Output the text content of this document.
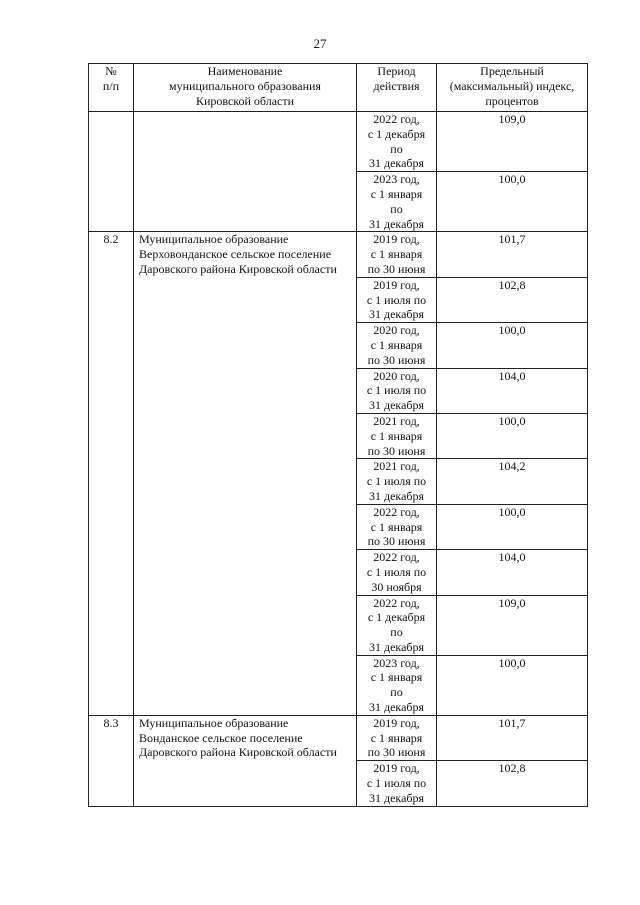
27
№
п/п	Наименование
муниципального образования
Кировской области	Период
действия	Предельный
(максимальный) индекс,
процентов

		2022 год,
с 1 декабря
по
31 декабря	109,0

		2023 год,
с 1 января
по
31 декабря	100,0
8.2	Муниципальное образование
Верховонданское сельское поселение
Даровского района Кировской области	2019 год,
с 1 января
по 30 июня	101,7

		2019 год,
с 1 июля по
31 декабря	102,8

		2020 год,
с 1 января
по 30 июня	100,0

		2020 год,
с 1 июля по
31 декабря	104,0

		2021 год,
с 1 января
по 30 июня	100,0

		2021 год,
с 1 июля по
31 декабря	104,2

		2022 год,
с 1 января
по 30 июня	100,0

		2022 год,
с 1 июля по
30 ноября	104,0

		2022 год,
с 1 декабря
по
31 декабря	109,0

		2023 год,
с 1 января
по
31 декабря	100,0
8.3	Муниципальное образование
Вонданское сельское поселение
Даровского района Кировской области	2019 год,
с 1 января
по 30 июня	101,7

		2019 год,
с 1 июля по
31 декабря	102,8
